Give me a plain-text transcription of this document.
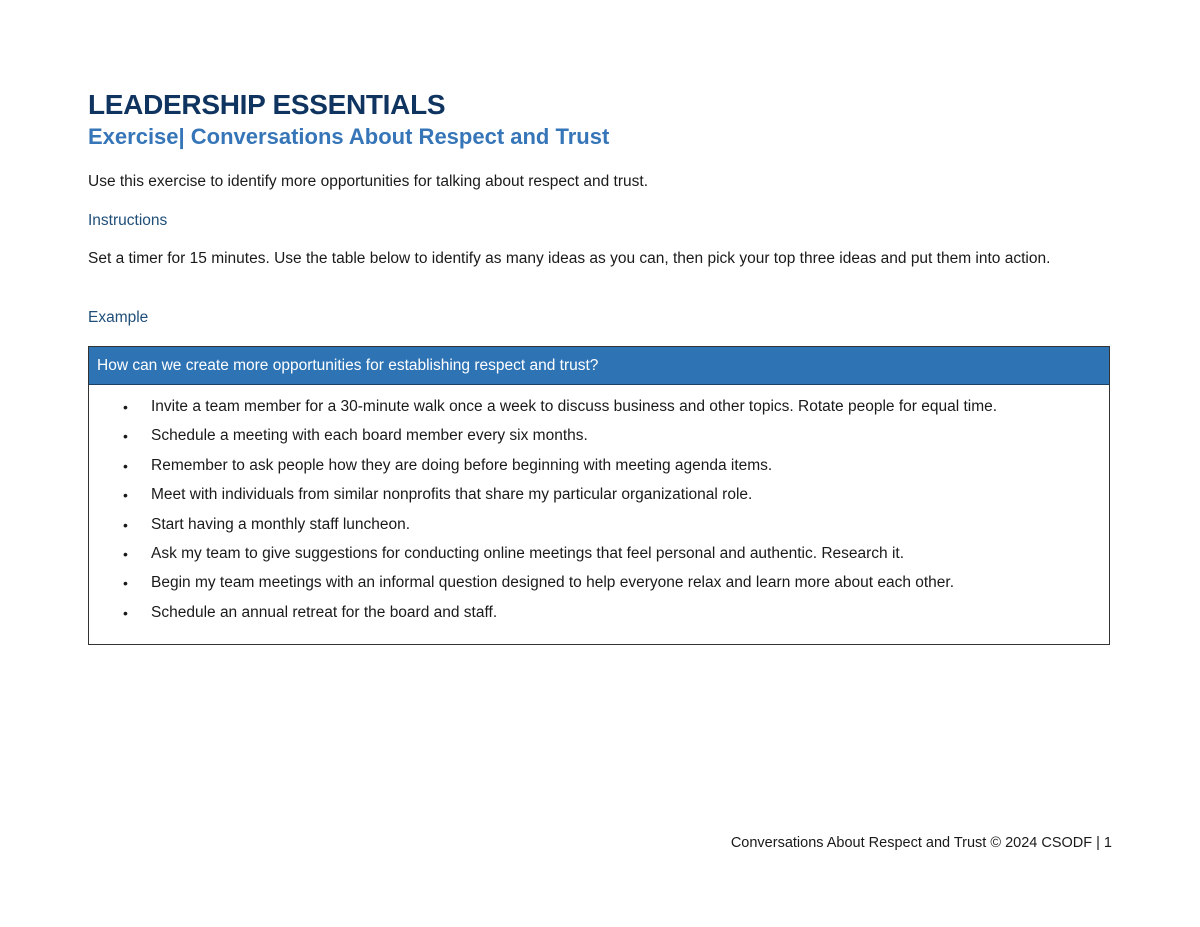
LEADERSHIP ESSENTIALS
Exercise| Conversations About Respect and Trust

Use this exercise to identify more opportunities for talking about respect and trust.

Instructions

Set a timer for 15 minutes. Use the table below to identify as many ideas as you can, then pick your top three ideas and put them into action.

Example
How can we create more opportunities for establishing respect and trust?
• Invite a team member for a 30-minute walk once a week to discuss business and other topics. Rotate people for equal time.
• Schedule a meeting with each board member every six months.
• Remember to ask people how they are doing before beginning with meeting agenda items.
• Meet with individuals from similar nonprofits that share my particular organizational role.
• Start having a monthly staff luncheon.
• Ask my team to give suggestions for conducting online meetings that feel personal and authentic. Research it.
• Begin my team meetings with an informal question designed to help everyone relax and learn more about each other.
• Schedule an annual retreat for the board and staff.

Conversations About Respect and Trust © 2024 CSODF | 1
